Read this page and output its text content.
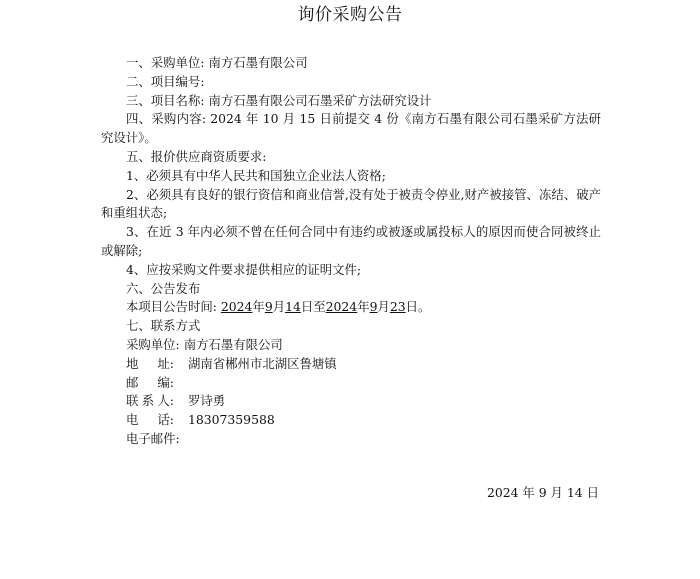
询价采购公告
一、采购单位: 南方石墨有限公司
二、项目编号:
三、项目名称: 南方石墨有限公司石墨采矿方法研究设计
四、采购内容: 2024 年 10 月 15 日前提交 4 份《南方石墨有限公司石墨采矿方法研究设计》。
五、报价供应商资质要求:
1、必须具有中华人民共和国独立企业法人资格;
2、必须具有良好的银行资信和商业信誉,没有处于被责令停业,财产被接管、冻结、破产和重组状态;
3、在近 3 年内必须不曾在任何合同中有违约或被逐或属投标人的原因而使合同被终止或解除;
4、应按采购文件要求提供相应的证明文件;
六、公告发布
本项目公告时间: 2024年9月14日至2024年9月23日。
七、联系方式
采购单位: 南方石墨有限公司
地 址: 湖南省郴州市北湖区鲁塘镇
邮 编:
联 系 人: 罗诗勇
电 话: 18307359588
电子邮件:
2024 年 9 月 14 日
